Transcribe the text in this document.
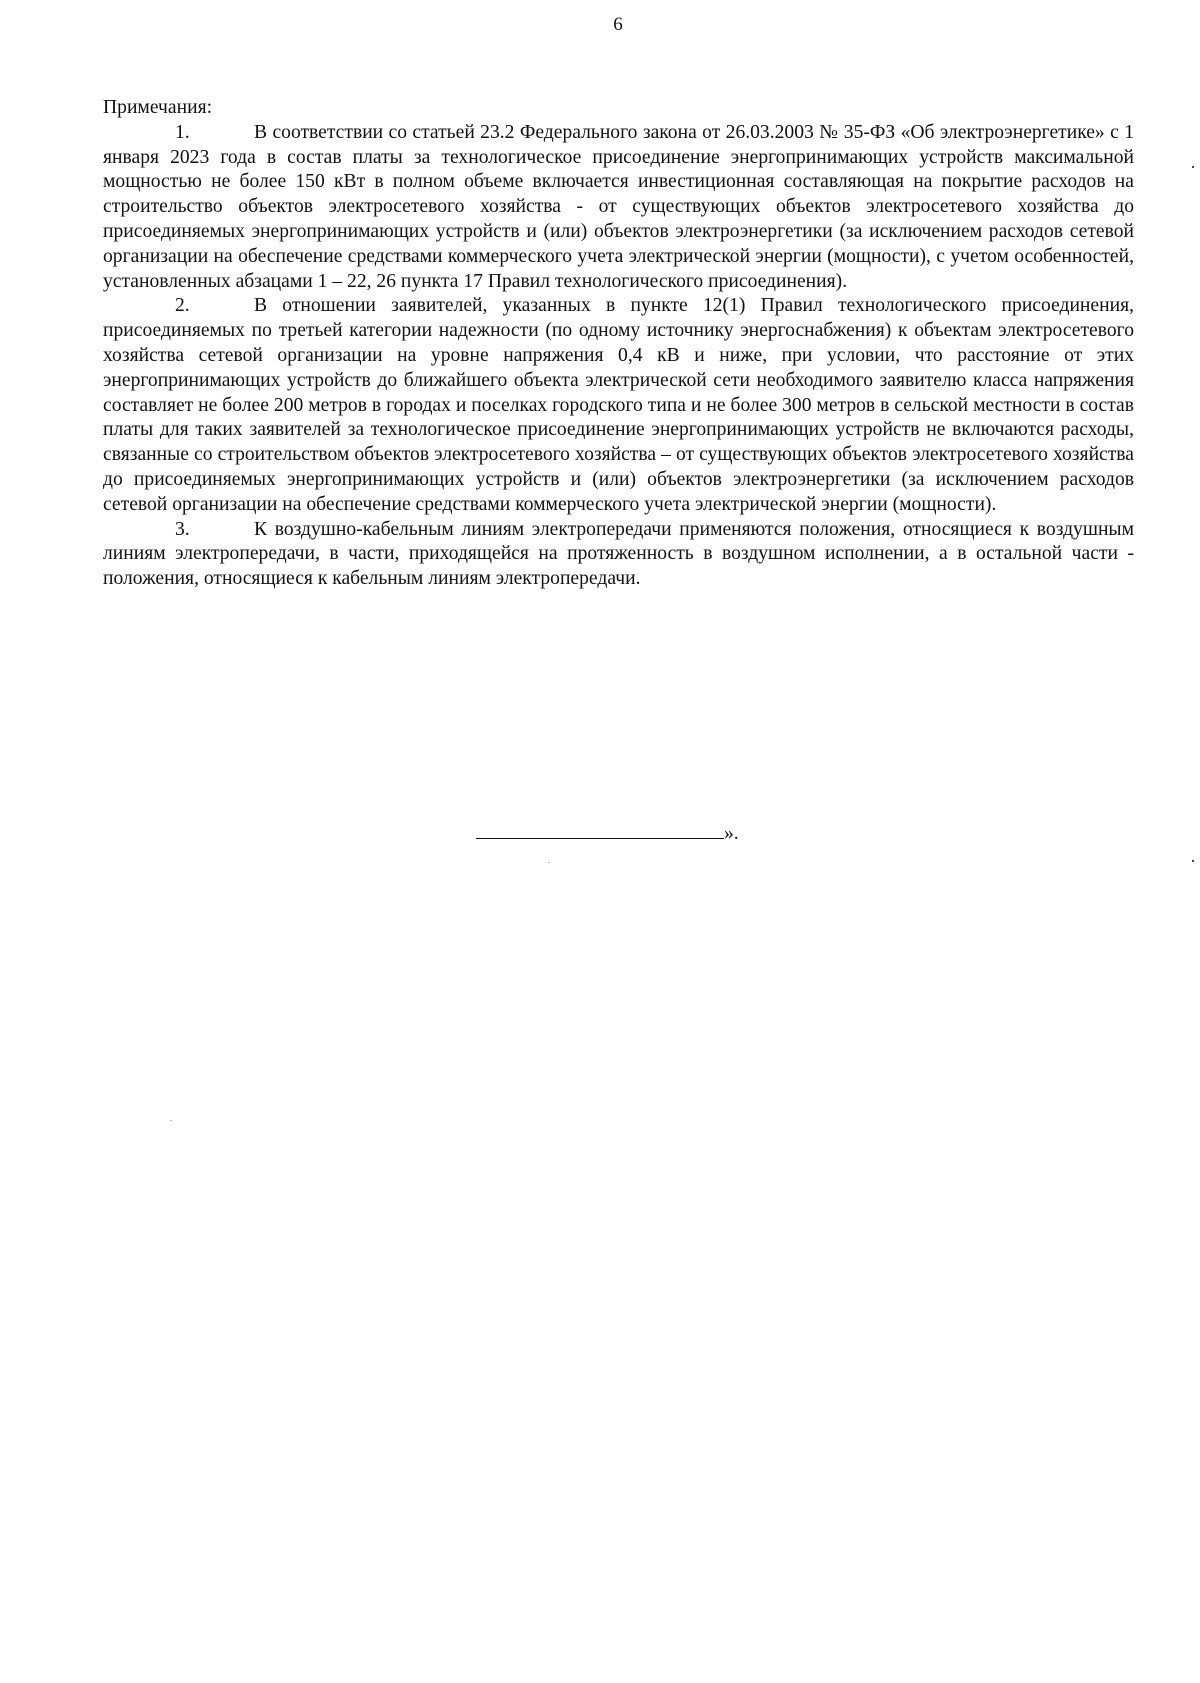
6

Примечания:

1.	В соответствии со статьей 23.2 Федерального закона от 26.03.2003 № 35-ФЗ «Об электроэнергетике» с 1 января 2023 года в состав платы за технологическое присоединение энергопринимающих устройств максимальной мощностью не более 150 кВт в полном объеме включается инвестиционная составляющая на покрытие расходов на строительство объектов электросетевого хозяйства - от существующих объектов электросетевого хозяйства до присоединяемых энергопринимающих устройств и (или) объектов электроэнергетики (за исключением расходов сетевой организации на обеспечение средствами коммерческого учета электрической энергии (мощности), с учетом особенностей, установленных абзацами 1 – 22, 26 пункта 17 Правил технологического присоединения).

2.	В отношении заявителей, указанных в пункте 12(1) Правил технологического присоединения, присоединяемых по третьей категории надежности (по одному источнику энергоснабжения) к объектам электросетевого хозяйства сетевой организации на уровне напряжения 0,4 кВ и ниже, при условии, что расстояние от этих энергопринимающих устройств до ближайшего объекта электрической сети необходимого заявителю класса напряжения составляет не более 200 метров в городах и поселках городского типа и не более 300 метров в сельской местности в состав платы для таких заявителей за технологическое присоединение энергопринимающих устройств не включаются расходы, связанные со строительством объектов электросетевого хозяйства – от существующих объектов электросетевого хозяйства до присоединяемых энергопринимающих устройств и (или) объектов электроэнергетики (за исключением расходов сетевой организации на обеспечение средствами коммерческого учета электрической энергии (мощности).

3.	К воздушно-кабельным линиям электропередачи применяются положения, относящиеся к воздушным линиям электропередачи, в части, приходящейся на протяженность в воздушном исполнении, а в остальной части - положения, относящиеся к кабельным линиям электропередачи.

».
